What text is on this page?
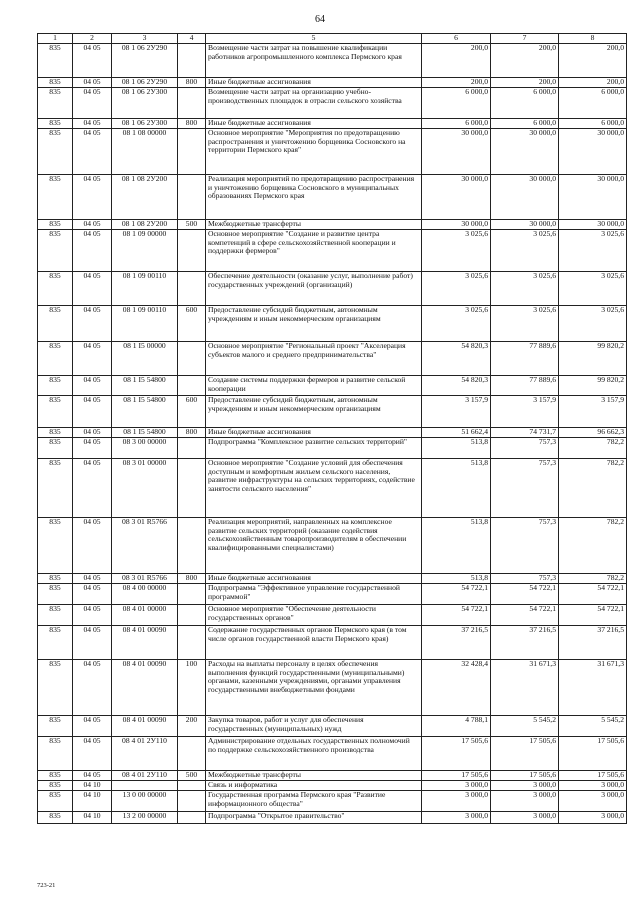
64
1	2	3	4	5	6	7	8
835	04 05	08 1 06 2У290		Возмещение части затрат на повышение квалификации работников агропромышленного комплекса Пермского края	200,0	200,0	200,0
835	04 05	08 1 06 2У290	800	Иные бюджетные ассигнования	200,0	200,0	200,0
835	04 05	08 1 06 2У300		Возмещение части затрат на организацию учебно-производственных площадок в отрасли сельского хозяйства	6 000,0	6 000,0	6 000,0
835	04 05	08 1 06 2У300	800	Иные бюджетные ассигнования	6 000,0	6 000,0	6 000,0
835	04 05	08 1 08 00000		Основное мероприятие "Мероприятия по предотвращению распространения и уничтожению борщевика Сосновского на территории Пермского края"	30 000,0	30 000,0	30 000,0
835	04 05	08 1 08 2У200		Реализация мероприятий по предотвращению распространения и уничтожению борщевика Сосновского в муниципальных образованиях Пермского края	30 000,0	30 000,0	30 000,0
835	04 05	08 1 08 2У200	500	Межбюджетные трансферты	30 000,0	30 000,0	30 000,0
835	04 05	08 1 09 00000		Основное мероприятие "Создание и развитие центра компетенций в сфере сельскохозяйственной кооперации и поддержки фермеров"	3 025,6	3 025,6	3 025,6
835	04 05	08 1 09 00110		Обеспечение деятельности (оказание услуг, выполнение работ) государственных учреждений (организаций)	3 025,6	3 025,6	3 025,6
835	04 05	08 1 09 00110	600	Предоставление субсидий бюджетным, автономным учреждениям и иным некоммерческим организациям	3 025,6	3 025,6	3 025,6
835	04 05	08 1 I5 00000		Основное мероприятие "Региональный проект "Акселерация субъектов малого и среднего предпринимательства"	54 820,3	77 889,6	99 820,2
835	04 05	08 1 I5 54800		Создание системы поддержки фермеров и развитие сельской кооперации	54 820,3	77 889,6	99 820,2
835	04 05	08 1 I5 54800	600	Предоставление субсидий бюджетным, автономным учреждениям и иным некоммерческим организациям	3 157,9	3 157,9	3 157,9
835	04 05	08 1 I5 54800	800	Иные бюджетные ассигнования	51 662,4	74 731,7	96 662,3
835	04 05	08 3 00 00000		Подпрограмма "Комплексное развитие сельских территорий"	513,8	757,3	782,2
835	04 05	08 3 01 00000		Основное мероприятие "Создание условий для обеспечения доступным и комфортным жильем сельского населения, развитие инфраструктуры на сельских территориях, содействие занятости сельского населения"	513,8	757,3	782,2
835	04 05	08 3 01 R5766		Реализация мероприятий, направленных на комплексное развитие сельских территорий (оказание содействия сельскохозяйственным товаропроизводителям в обеспечении квалифицированными специалистами)	513,8	757,3	782,2
835	04 05	08 3 01 R5766	800	Иные бюджетные ассигнования	513,8	757,3	782,2
835	04 05	08 4 00 00000		Подпрограмма "Эффективное управление государственной программой"	54 722,1	54 722,1	54 722,1
835	04 05	08 4 01 00000		Основное мероприятие "Обеспечение деятельности государственных органов"	54 722,1	54 722,1	54 722,1
835	04 05	08 4 01 00090		Содержание государственных органов Пермского края (в том числе органов государственной власти Пермского края)	37 216,5	37 216,5	37 216,5
835	04 05	08 4 01 00090	100	Расходы на выплаты персоналу в целях обеспечения выполнения функций государственными (муниципальными) органами, казенными учреждениями, органами управления государственными внебюджетными фондами	32 428,4	31 671,3	31 671,3
835	04 05	08 4 01 00090	200	Закупка товаров, работ и услуг для обеспечения государственных (муниципальных) нужд	4 788,1	5 545,2	5 545,2
835	04 05	08 4 01 2У110		Администрирование отдельных государственных полномочий по поддержке сельскохозяйственного производства	17 505,6	17 505,6	17 505,6
835	04 05	08 4 01 2У110	500	Межбюджетные трансферты	17 505,6	17 505,6	17 505,6
835	04 10			Связь и информатика	3 000,0	3 000,0	3 000,0
835	04 10	13 0 00 00000		Государственная программа Пермского края "Развитие информационного общества"	3 000,0	3 000,0	3 000,0
835	04 10	13 2 00 00000		Подпрограмма "Открытое правительство"	3 000,0	3 000,0	3 000,0
723-21
